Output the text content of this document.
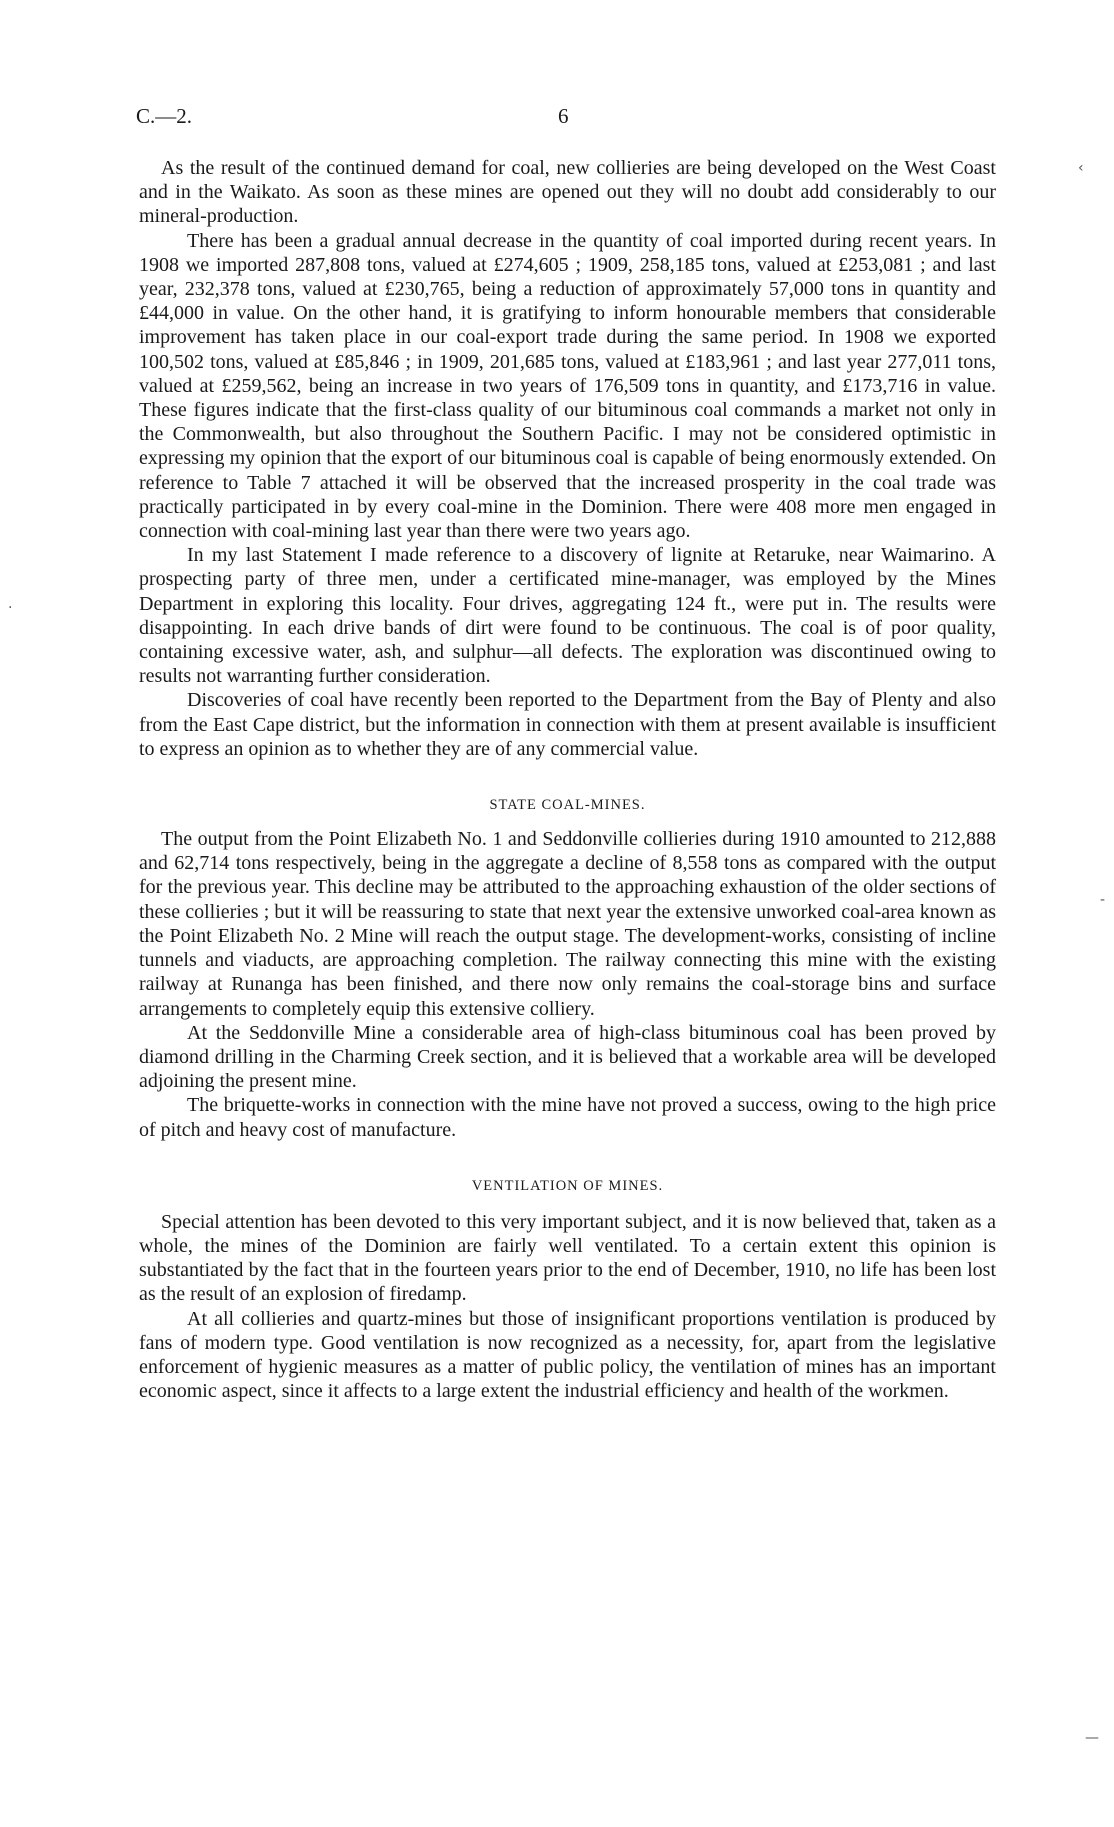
C.—2.	6

As the result of the continued demand for coal, new collieries are being developed on the West Coast and in the Waikato. As soon as these mines are opened out they will no doubt add considerably to our mineral-production.

There has been a gradual annual decrease in the quantity of coal imported during recent years. In 1908 we imported 287,808 tons, valued at £274,605 ; 1909, 258,185 tons, valued at £253,081 ; and last year, 232,378 tons, valued at £230,765, being a reduction of approximately 57,000 tons in quantity and £44,000 in value. On the other hand, it is gratifying to inform honourable members that considerable improvement has taken place in our coal-export trade during the same period. In 1908 we exported 100,502 tons, valued at £85,846 ; in 1909, 201,685 tons, valued at £183,961 ; and last year 277,011 tons, valued at £259,562, being an increase in two years of 176,509 tons in quantity, and £173,716 in value. These figures indicate that the first-class quality of our bituminous coal commands a market not only in the Commonwealth, but also throughout the Southern Pacific. I may not be considered optimistic in expressing my opinion that the export of our bituminous coal is capable of being enormously extended. On reference to Table 7 attached it will be observed that the increased prosperity in the coal trade was practically participated in by every coal-mine in the Dominion. There were 408 more men engaged in connection with coal-mining last year than there were two years ago.

In my last Statement I made reference to a discovery of lignite at Retaruke, near Waimarino. A prospecting party of three men, under a certificated mine-manager, was employed by the Mines Department in exploring this locality. Four drives, aggregating 124 ft., were put in. The results were disappointing. In each drive bands of dirt were found to be continuous. The coal is of poor quality, containing excessive water, ash, and sulphur—all defects. The exploration was discontinued owing to results not warranting further consideration.

Discoveries of coal have recently been reported to the Department from the Bay of Plenty and also from the East Cape district, but the information in connection with them at present available is insufficient to express an opinion as to whether they are of any commercial value.

STATE COAL-MINES.

The output from the Point Elizabeth No. 1 and Seddonville collieries during 1910 amounted to 212,888 and 62,714 tons respectively, being in the aggregate a decline of 8,558 tons as compared with the output for the previous year. This decline may be attributed to the approaching exhaustion of the older sections of these collieries ; but it will be reassuring to state that next year the extensive unworked coal-area known as the Point Elizabeth No. 2 Mine will reach the output stage. The development-works, consisting of incline tunnels and viaducts, are approaching completion. The railway connecting this mine with the existing railway at Runanga has been finished, and there now only remains the coal-storage bins and surface arrangements to completely equip this extensive colliery.

At the Seddonville Mine a considerable area of high-class bituminous coal has been proved by diamond drilling in the Charming Creek section, and it is believed that a workable area will be developed adjoining the present mine.

The briquette-works in connection with the mine have not proved a success, owing to the high price of pitch and heavy cost of manufacture.

VENTILATION OF MINES.

Special attention has been devoted to this very important subject, and it is now believed that, taken as a whole, the mines of the Dominion are fairly well ventilated. To a certain extent this opinion is substantiated by the fact that in the fourteen years prior to the end of December, 1910, no life has been lost as the result of an explosion of firedamp.

At all collieries and quartz-mines but those of insignificant proportions ventilation is produced by fans of modern type. Good ventilation is now recognized as a necessity, for, apart from the legislative enforcement of hygienic measures as a matter of public policy, the ventilation of mines has an important economic aspect, since it affects to a large extent the industrial efficiency and health of the workmen.

‹
·
-
—
